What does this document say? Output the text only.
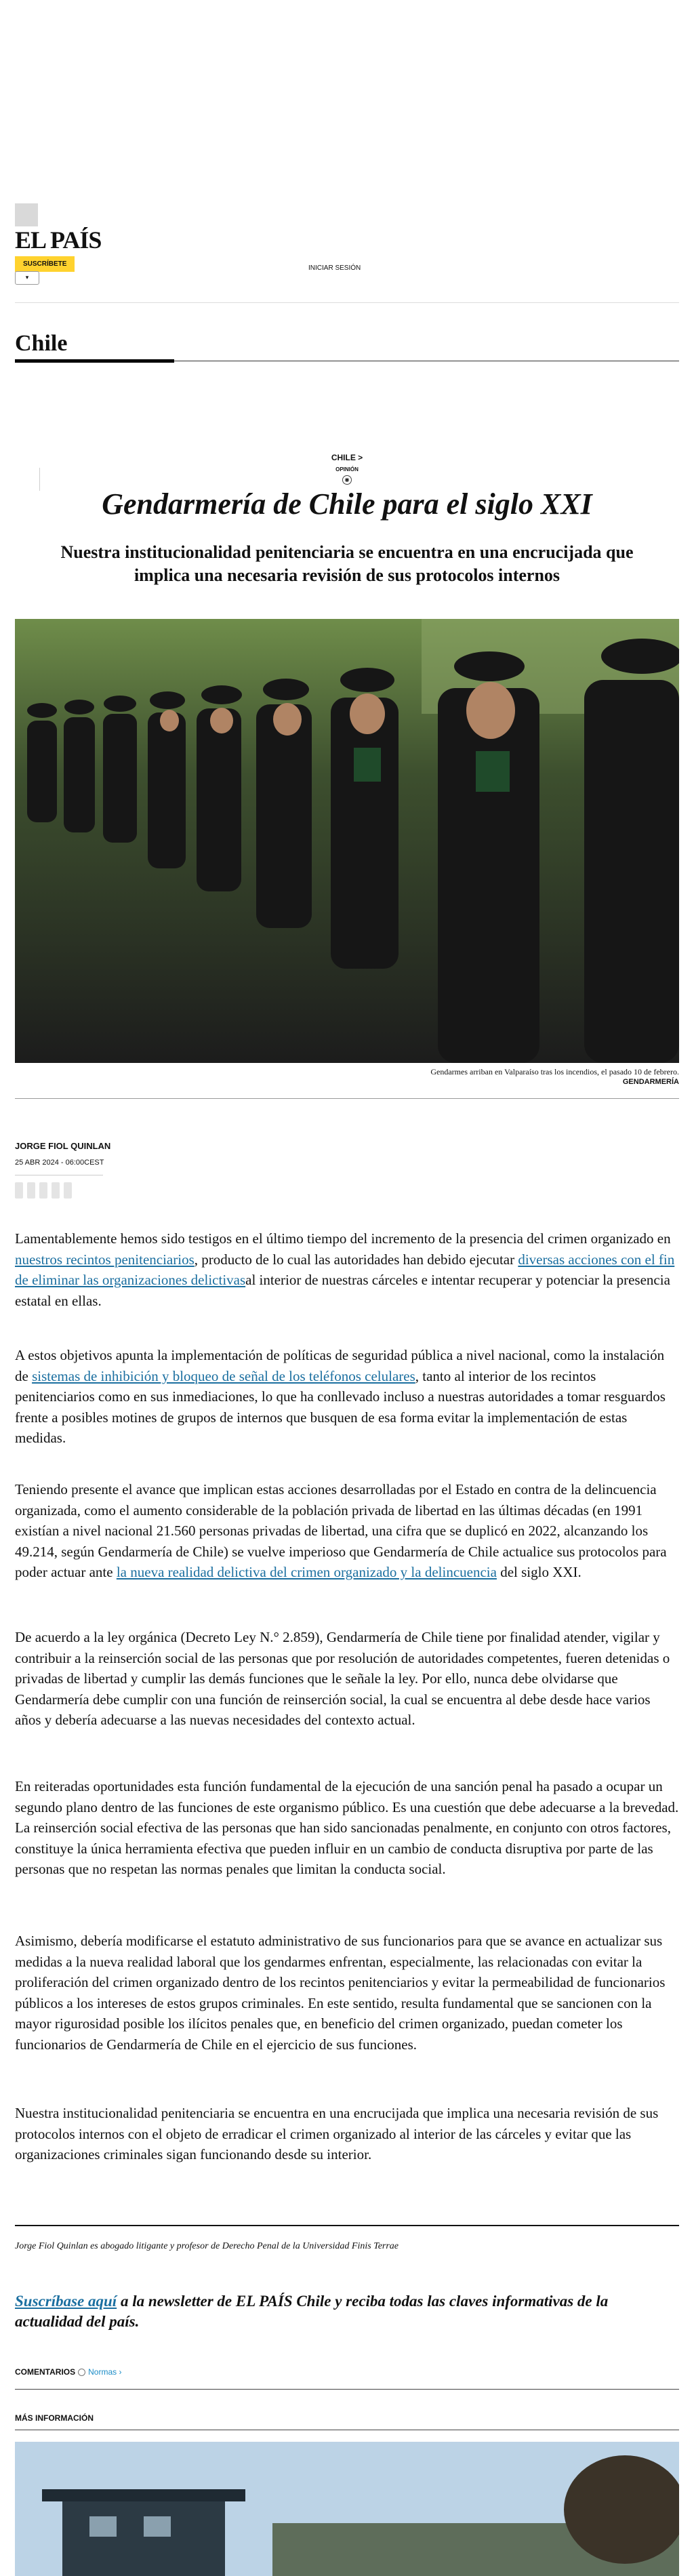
EL PAÍS
SUSCRÍBETE
▾
INICIAR SESIÓN
Chile
CHILE >
OPINIÓN
◉
Gendarmería de Chile para el siglo XXI
Nuestra institucionalidad penitenciaria se encuentra en una encrucijada que implica una necesaria revisión de sus protocolos internos
Gendarmes arriban en Valparaíso tras los incendios, el pasado 10 de febrero.
GENDARMERÍA
JORGE FIOL QUINLAN
25 ABR 2024 - 06:00CEST

Lamentablemente hemos sido testigos en el último tiempo del incremento de la presencia del crimen organizado en nuestros recintos penitenciarios, producto de lo cual las autoridades han debido ejecutar diversas acciones con el fin de eliminar las organizaciones delictivasal interior de nuestras cárceles e intentar recuperar y potenciar la presencia estatal en ellas.

A estos objetivos apunta la implementación de políticas de seguridad pública a nivel nacional, como la instalación de sistemas de inhibición y bloqueo de señal de los teléfonos celulares, tanto al interior de los recintos penitenciarios como en sus inmediaciones, lo que ha conllevado incluso a nuestras autoridades a tomar resguardos frente a posibles motines de grupos de internos que busquen de esa forma evitar la implementación de estas medidas.

Teniendo presente el avance que implican estas acciones desarrolladas por el Estado en contra de la delincuencia organizada, como el aumento considerable de la población privada de libertad en las últimas décadas (en 1991 existían a nivel nacional 21.560 personas privadas de libertad, una cifra que se duplicó en 2022, alcanzando los 49.214, según Gendarmería de Chile) se vuelve imperioso que Gendarmería de Chile actualice sus protocolos para poder actuar ante la nueva realidad delictiva del crimen organizado y la delincuencia del siglo XXI.

De acuerdo a la ley orgánica (Decreto Ley N.° 2.859), Gendarmería de Chile tiene por finalidad atender, vigilar y contribuir a la reinserción social de las personas que por resolución de autoridades competentes, fueren detenidas o privadas de libertad y cumplir las demás funciones que le señale la ley. Por ello, nunca debe olvidarse que Gendarmería debe cumplir con una función de reinserción social, la cual se encuentra al debe desde hace varios años y debería adecuarse a las nuevas necesidades del contexto actual.

En reiteradas oportunidades esta función fundamental de la ejecución de una sanción penal ha pasado a ocupar un segundo plano dentro de las funciones de este organismo público. Es una cuestión que debe adecuarse a la brevedad. La reinserción social efectiva de las personas que han sido sancionadas penalmente, en conjunto con otros factores, constituye la única herramienta efectiva que pueden influir en un cambio de conducta disruptiva por parte de las personas que no respetan las normas penales que limitan la conducta social.

Asimismo, debería modificarse el estatuto administrativo de sus funcionarios para que se avance en actualizar sus medidas a la nueva realidad laboral que los gendarmes enfrentan, especialmente, las relacionadas con evitar la proliferación del crimen organizado dentro de los recintos penitenciarios y evitar la permeabilidad de funcionarios públicos a los intereses de estos grupos criminales. En este sentido, resulta fundamental que se sancionen con la mayor rigurosidad posible los ilícitos penales que, en beneficio del crimen organizado, puedan cometer los funcionarios de Gendarmería de Chile en el ejercicio de sus funciones.

Nuestra institucionalidad penitenciaria se encuentra en una encrucijada que implica una necesaria revisión de sus protocolos internos con el objeto de erradicar el crimen organizado al interior de las cárceles y evitar que las organizaciones criminales sigan funcionando desde su interior.

Jorge Fiol Quinlan es abogado litigante y profesor de Derecho Penal de la Universidad Finis Terrae
Suscríbase aquí a la newsletter de EL PAÍS Chile y reciba todas las claves informativas de la actualidad del país.
COMENTARIOS Normas ›
MÁS INFORMACIÓN
